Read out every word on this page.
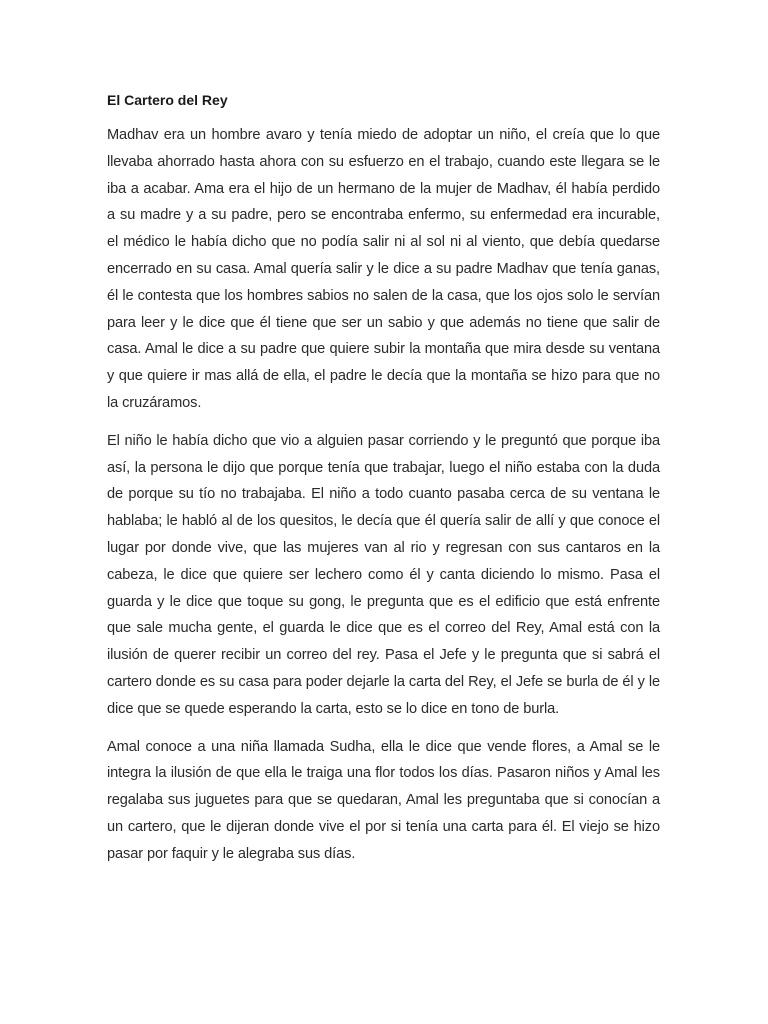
El Cartero del Rey

Madhav era un hombre avaro y tenía miedo de adoptar un niño, el creía que lo que llevaba ahorrado hasta ahora con su esfuerzo en el trabajo, cuando este llegara se le iba a acabar. Ama era el hijo de un hermano de la mujer de Madhav, él había perdido a su madre y a su padre, pero se encontraba enfermo, su enfermedad era incurable, el médico le había dicho que no podía salir ni al sol ni al viento, que debía quedarse encerrado en su casa. Amal quería salir y le dice a su padre Madhav que tenía ganas, él le contesta que los hombres sabios no salen de la casa, que los ojos solo le servían para leer y le dice que él tiene que ser un sabio y que además no tiene que salir de casa. Amal le dice a su padre que quiere subir la montaña que mira desde su ventana y que quiere ir mas allá de ella, el padre le decía que la montaña se hizo para que no la cruzáramos.

El niño le había dicho que vio a alguien pasar corriendo y le preguntó que porque iba así, la persona le dijo que porque tenía que trabajar, luego el niño estaba con la duda de porque su tío no trabajaba. El niño a todo cuanto pasaba cerca de su ventana le hablaba; le habló al de los quesitos, le decía que él quería salir de allí y que conoce el lugar por donde vive, que las mujeres van al rio y regresan con sus cantaros en la cabeza, le dice que quiere ser lechero como él y canta diciendo lo mismo. Pasa el guarda y le dice que toque su gong, le pregunta que es el edificio que está enfrente que sale mucha gente, el guarda le dice que es el correo del Rey, Amal está con la ilusión de querer recibir un correo del rey. Pasa el Jefe y le pregunta que si sabrá el cartero donde es su casa para poder dejarle la carta del Rey, el Jefe se burla de él y le dice que se quede esperando la carta, esto se lo dice en tono de burla.

Amal conoce a una niña llamada Sudha, ella le dice que vende flores, a Amal se le integra la ilusión de que ella le traiga una flor todos los días. Pasaron niños y Amal les regalaba sus juguetes para que se quedaran, Amal les preguntaba que si conocían a un cartero, que le dijeran donde vive el por si tenía una carta para él. El viejo se hizo pasar por faquir y le alegraba sus días.
